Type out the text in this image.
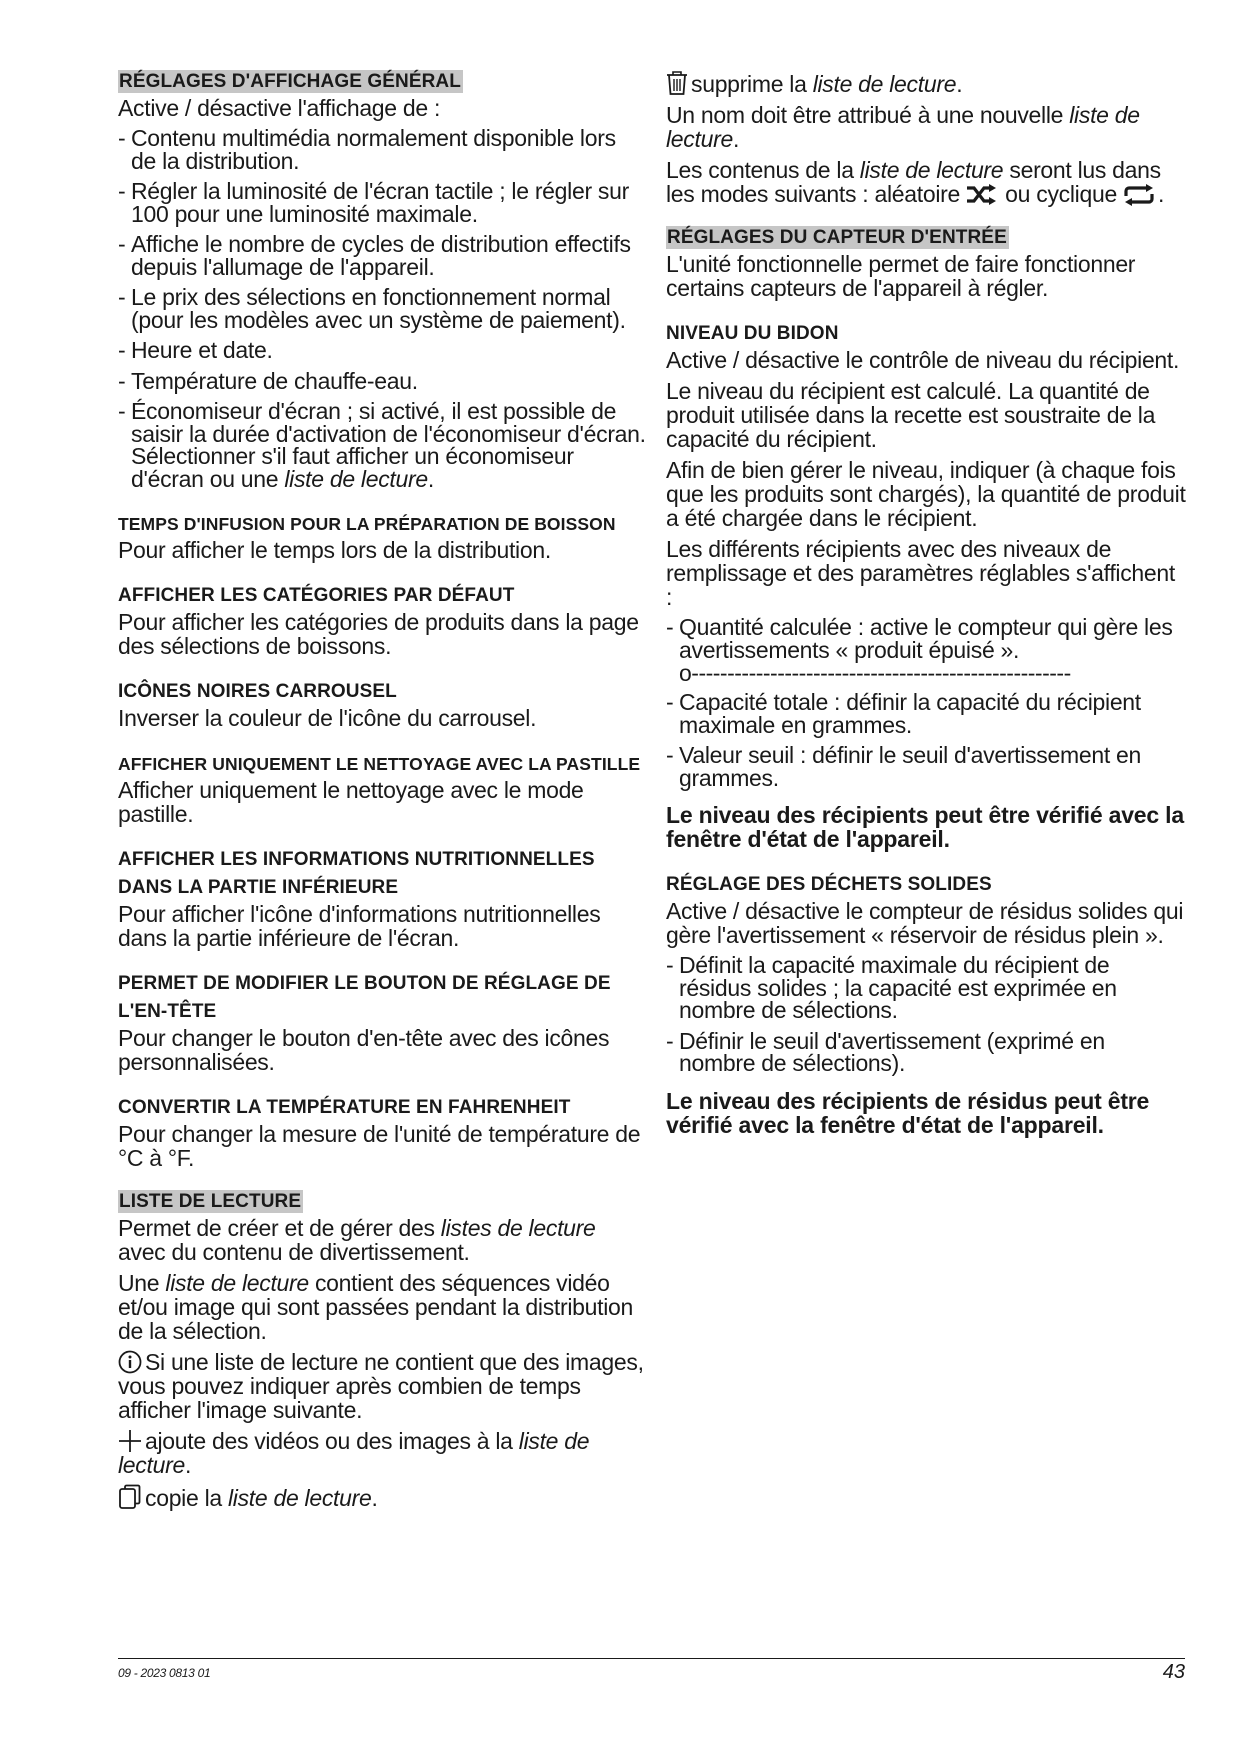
RÉGLAGES D'AFFICHAGE GÉNÉRAL

Active / désactive l'affichage de :

- Contenu multimédia normalement disponible lors de la distribution.
- Régler la luminosité de l'écran tactile ; le régler sur 100 pour une luminosité maximale.
- Affiche le nombre de cycles de distribution effectifs depuis l'allumage de l'appareil.
- Le prix des sélections en fonctionnement normal (pour les modèles avec un système de paiement).
- Heure et date.
- Température de chauffe-eau.
- Économiseur d'écran ; si activé, il est possible de saisir la durée d'activation de l'économiseur d'écran.
Sélectionner s'il faut afficher un économiseur d'écran ou une liste de lecture.
TEMPS D'INFUSION POUR LA PRÉPARATION DE BOISSON

Pour afficher le temps lors de la distribution.

AFFICHER LES CATÉGORIES PAR DÉFAUT

Pour afficher les catégories de produits dans la page des sélections de boissons.

ICÔNES NOIRES CARROUSEL

Inverser la couleur de l'icône du carrousel.

AFFICHER UNIQUEMENT LE NETTOYAGE AVEC LA PASTILLE

Afficher uniquement le nettoyage avec le mode pastille.

AFFICHER LES INFORMATIONS NUTRITIONNELLES DANS LA PARTIE INFÉRIEURE

Pour afficher l'icône d'informations nutritionnelles dans la partie inférieure de l'écran.

PERMET DE MODIFIER LE BOUTON DE RÉGLAGE DE L'EN-TÊTE

Pour changer le bouton d'en-tête avec des icônes personnalisées.

CONVERTIR LA TEMPÉRATURE EN FAHRENHEIT

Pour changer la mesure de l'unité de température de °C à °F.

LISTE DE LECTURE

Permet de créer et de gérer des listes de lecture avec du contenu de divertissement.

Une liste de lecture contient des séquences vidéo et/ou image qui sont passées pendant la distribution de la sélection.

Si une liste de lecture ne contient que des images, vous pouvez indiquer après combien de temps afficher l'image suivante.

ajoute des vidéos ou des images à la liste de lecture.

copie la liste de lecture.

supprime la liste de lecture.

Un nom doit être attribué à une nouvelle liste de lecture.

Les contenus de la liste de lecture seront lus dans les modes suivants : aléatoire
ou cyclique
.

RÉGLAGES DU CAPTEUR D'ENTRÉE

L'unité fonctionnelle permet de faire fonctionner certains capteurs de l'appareil à régler.

NIVEAU DU BIDON

Active / désactive le contrôle de niveau du récipient.

Le niveau du récipient est calculé. La quantité de produit utilisée dans la recette est soustraite de la capacité du récipient.

Afin de bien gérer le niveau, indiquer (à chaque fois que les produits sont chargés), la quantité de produit a été chargée dans le récipient.

Les différents récipients avec des niveaux de remplissage et des paramètres réglables s'affichent :

- Quantité calculée : active le compteur qui gère les avertissements « produit épuisé ».
o-----------------------------------------------------
- Capacité totale : définir la capacité du récipient maximale en grammes.
- Valeur seuil : définir le seuil d'avertissement en grammes.

Le niveau des récipients peut être vérifié avec la fenêtre d'état de l'appareil.

RÉGLAGE DES DÉCHETS SOLIDES

Active / désactive le compteur de résidus solides qui gère l'avertissement « réservoir de résidus plein ».

- Définit la capacité maximale du récipient de résidus solides ; la capacité est exprimée en nombre de sélections.
- Définir le seuil d'avertissement (exprimé en nombre de sélections).

Le niveau des récipients de résidus peut être vérifié avec la fenêtre d'état de l'appareil.

09 - 2023 0813 01	43
